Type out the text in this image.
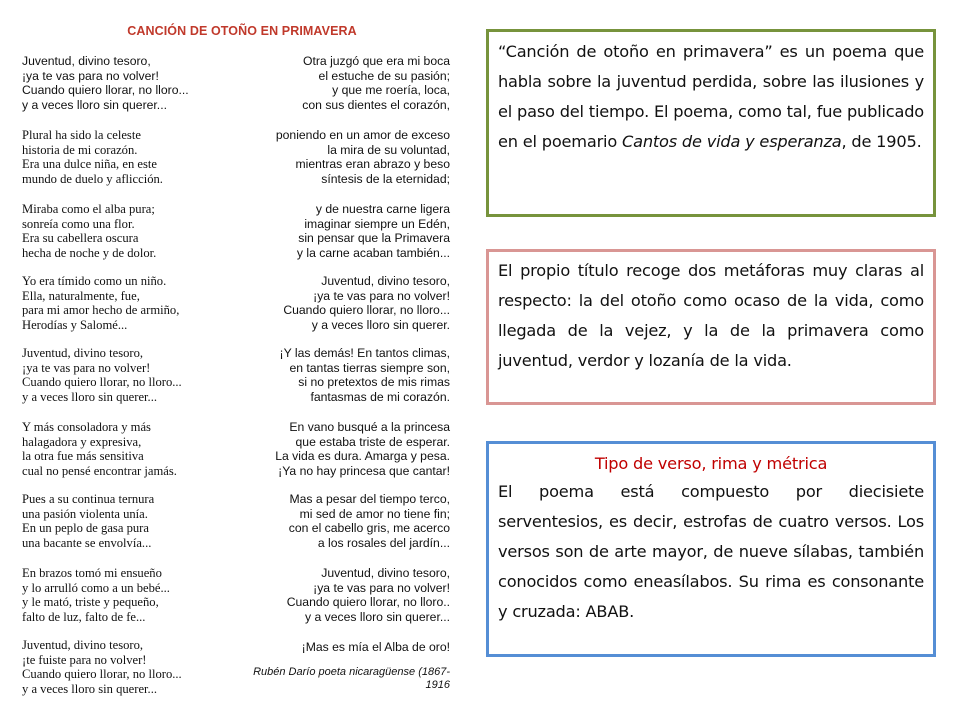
CANCIÓN DE OTOÑO EN PRIMAVERA
Juventud, divino tesoro,
¡ya te vas para no volver!
Cuando quiero llorar, no lloro...
y a veces lloro sin querer...
Plural ha sido la celeste
historia de mi corazón.
Era una dulce niña, en este
mundo de duelo y aflicción.
Miraba como el alba pura;
sonreía como una flor.
Era su cabellera oscura
hecha de noche y de dolor.
Yo era tímido como un niño.
Ella, naturalmente, fue,
para mi amor hecho de armiño,
Herodías y Salomé...
Juventud, divino tesoro,
¡ya te vas para no volver!
Cuando quiero llorar, no lloro...
y a veces lloro sin querer...
Y más consoladora y más
halagadora y expresiva,
la otra fue más sensitiva
cual no pensé encontrar jamás.
Pues a su continua ternura
una pasión violenta unía.
En un peplo de gasa pura
una bacante se envolvía...
En brazos tomó mi ensueño
y lo arrulló como a un bebé...
y le mató, triste y pequeño,
falto de luz, falto de fe...
Juventud, divino tesoro,
¡te fuiste para no volver!
Cuando quiero llorar, no lloro...
y a veces lloro sin querer...
Otra juzgó que era mi boca
el estuche de su pasión;
y que me roería, loca,
con sus dientes el corazón,
poniendo en un amor de exceso
la mira de su voluntad,
mientras eran abrazo y beso
síntesis de la eternidad;
y de nuestra carne ligera
imaginar siempre un Edén,
sin pensar que la Primavera
y la carne acaban también...
Juventud, divino tesoro,
¡ya te vas para no volver!
Cuando quiero llorar, no lloro...
y a veces lloro sin querer.
¡Y las demás! En tantos climas,
en tantas tierras siempre son,
si no pretextos de mis rimas
fantasmas de mi corazón.
En vano busqué a la princesa
que estaba triste de esperar.
La vida es dura. Amarga y pesa.
¡Ya no hay princesa que cantar!
Mas a pesar del tiempo terco,
mi sed de amor no tiene fin;
con el cabello gris, me acerco
a los rosales del jardín...
Juventud, divino tesoro,
¡ya te vas para no volver!
Cuando quiero llorar, no lloro..
y a veces lloro sin querer...
¡Mas es mía el Alba de oro!
Rubén Darío poeta nicaragüense (1867-
1916

“Canción de otoño en primavera” es un poema que habla sobre la juventud perdida, sobre las ilusiones y el paso del tiempo. El poema, como tal, fue publicado en el poemario Cantos de vida y esperanza, de 1905.

El propio título recoge dos metáforas muy claras al respecto: la del otoño como ocaso de la vida, como llegada de la vejez, y la de la primavera como juventud, verdor y lozanía de la vida.

Tipo de verso, rima y métrica

El poema está compuesto por diecisiete serventesios, es decir, estrofas de cuatro versos. Los versos son de arte mayor, de nueve sílabas, también conocidos como eneasílabos. Su rima es consonante y cruzada: ABAB.
